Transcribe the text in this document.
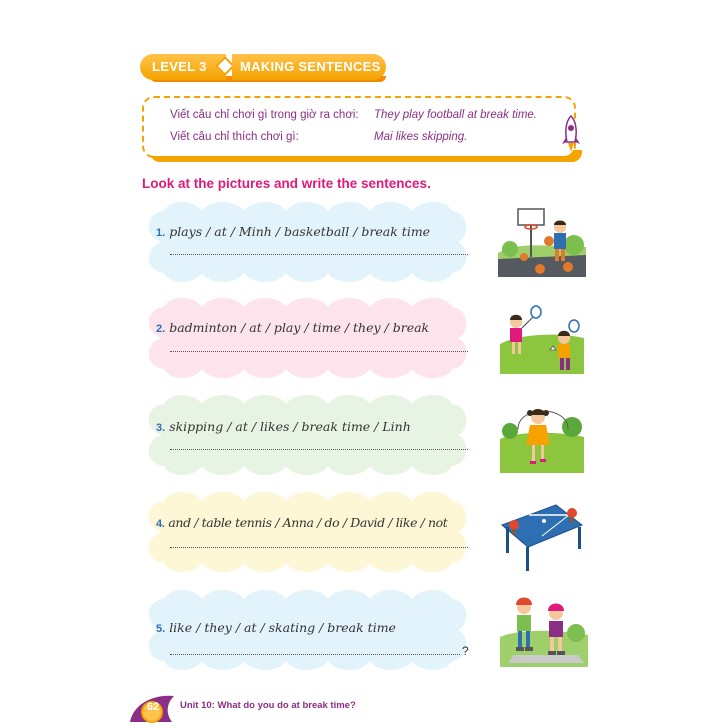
LEVEL 3	MAKING SENTENCES
Viết câu chỉ chơi gì trong giờ ra chơi: They play football at break time.
Viết câu chỉ thích chơi gì:	Mai likes skipping.
Look at the pictures and write the sentences.
1. plays / at / Minh / basketball / break time
2. badminton / at / play / time / they / break
3. skipping / at / likes / break time / Linh
4. and / table tennis / Anna / do / David / like / not
5. like / they / at / skating / break time
?
62	Unit 10: What do you do at break time?
